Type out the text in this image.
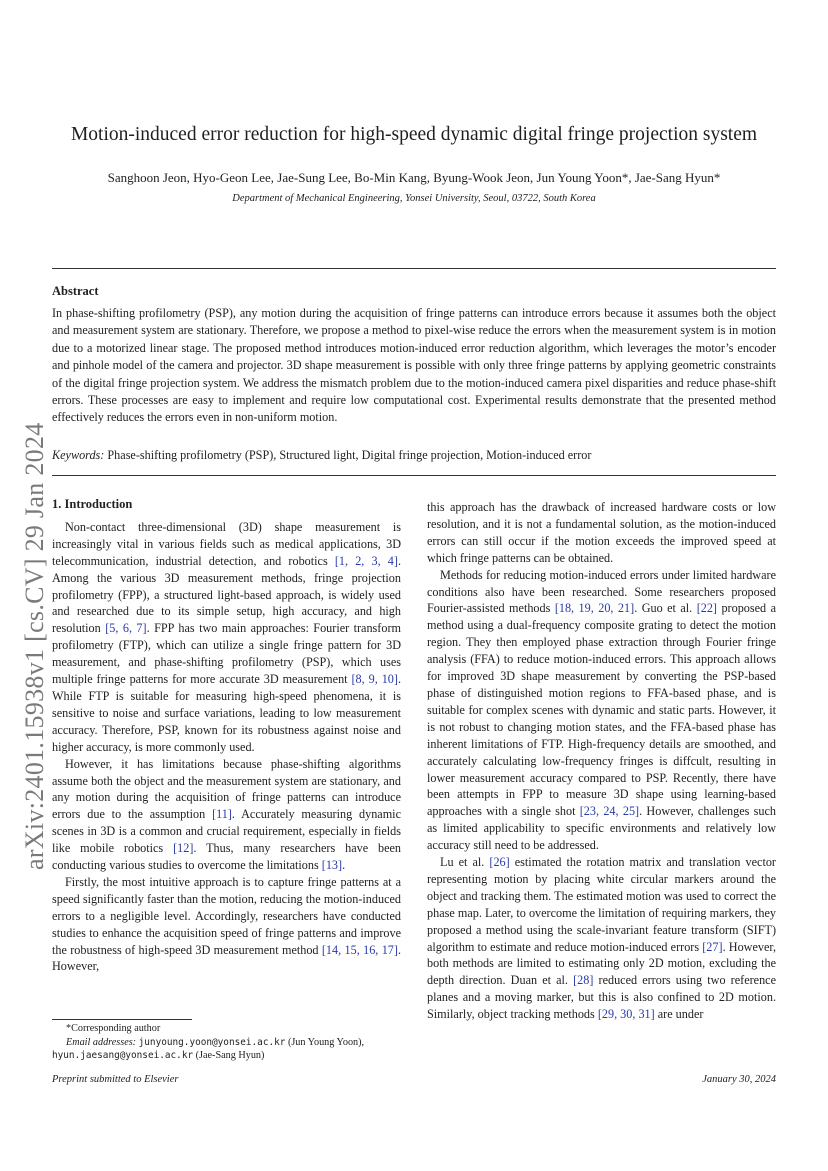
Motion-induced error reduction for high-speed dynamic digital fringe projection system
Sanghoon Jeon, Hyo-Geon Lee, Jae-Sung Lee, Bo-Min Kang, Byung-Wook Jeon, Jun Young Yoon*, Jae-Sang Hyun*
Department of Mechanical Engineering, Yonsei University, Seoul, 03722, South Korea
Abstract
In phase-shifting profilometry (PSP), any motion during the acquisition of fringe patterns can introduce errors because it assumes both the object and measurement system are stationary. Therefore, we propose a method to pixel-wise reduce the errors when the measurement system is in motion due to a motorized linear stage. The proposed method introduces motion-induced error reduction algorithm, which leverages the motor’s encoder and pinhole model of the camera and projector. 3D shape measurement is possible with only three fringe patterns by applying geometric constraints of the digital fringe projection system. We address the mismatch problem due to the motion-induced camera pixel disparities and reduce phase-shift errors. These processes are easy to implement and require low computational cost. Experimental results demonstrate that the presented method effectively reduces the errors even in non-uniform motion.
Keywords: Phase-shifting profilometry (PSP), Structured light, Digital fringe projection, Motion-induced error
arXiv:2401.15938v1 [cs.CV] 29 Jan 2024 1. Introduction

Non-contact three-dimensional (3D) shape measurement is increasingly vital in various fields such as medical applications, 3D telecommunication, industrial detection, and robotics [1, 2, 3, 4]. Among the various 3D measurement methods, fringe projection profilometry (FPP), a structured light-based approach, is widely used and researched due to its simple setup, high accuracy, and high resolution [5, 6, 7]. FPP has two main approaches: Fourier transform profilometry (FTP), which can utilize a single fringe pattern for 3D measurement, and phase-shifting profilometry (PSP), which uses multiple fringe patterns for more accurate 3D measurement [8, 9, 10]. While FTP is suitable for measuring high-speed phenomena, it is sensitive to noise and surface variations, leading to low measurement accuracy. Therefore, PSP, known for its robustness against noise and higher accuracy, is more commonly used.

However, it has limitations because phase-shifting algorithms assume both the object and the measurement system are stationary, and any motion during the acquisition of fringe patterns can introduce errors due to the assumption [11]. Accurately measuring dynamic scenes in 3D is a common and crucial requirement, especially in fields like mobile robotics [12]. Thus, many researchers have been conducting various studies to overcome the limitations [13].

Firstly, the most intuitive approach is to capture fringe patterns at a speed significantly faster than the motion, reducing the motion-induced errors to a negligible level. Accordingly, researchers have conducted studies to enhance the acquisition speed of fringe patterns and improve the robustness of high-speed 3D measurement method [14, 15, 16, 17]. However,

this approach has the drawback of increased hardware costs or low resolution, and it is not a fundamental solution, as the motion-induced errors can still occur if the motion exceeds the improved speed at which fringe patterns can be obtained.

Methods for reducing motion-induced errors under limited hardware conditions also have been researched. Some researchers proposed Fourier-assisted methods [18, 19, 20, 21]. Guo et al. [22] proposed a method using a dual-frequency composite grating to detect the motion region. They then employed phase extraction through Fourier fringe analysis (FFA) to reduce motion-induced errors. This approach allows for improved 3D shape measurement by converting the PSP-based phase of distinguished motion regions to FFA-based phase, and is suitable for complex scenes with dynamic and static parts. However, it is not robust to changing motion states, and the FFA-based phase has inherent limitations of FTP. High-frequency details are smoothed, and accurately calculating low-frequency fringes is diffcult, resulting in lower measurement accuracy compared to PSP. Recently, there have been attempts in FPP to measure 3D shape using learning-based approaches with a single shot [23, 24, 25]. However, challenges such as limited applicability to specific environments and relatively low accuracy still need to be addressed.

Lu et al. [26] estimated the rotation matrix and translation vector representing motion by placing white circular markers around the object and tracking them. The estimated motion was used to correct the phase map. Later, to overcome the limitation of requiring markers, they proposed a method using the scale-invariant feature transform (SIFT) algorithm to estimate and reduce motion-induced errors [27]. However, both methods are limited to estimating only 2D motion, excluding the depth direction. Duan et al. [28] reduced errors using two reference planes and a moving marker, but this is also confined to 2D motion. Similarly, object tracking methods [29, 30, 31] are under

*Corresponding author
Email addresses: junyoung.yoon@yonsei.ac.kr (Jun Young Yoon),
hyun.jaesang@yonsei.ac.kr (Jae-Sang Hyun)
Preprint submitted to Elsevier	January 30, 2024
